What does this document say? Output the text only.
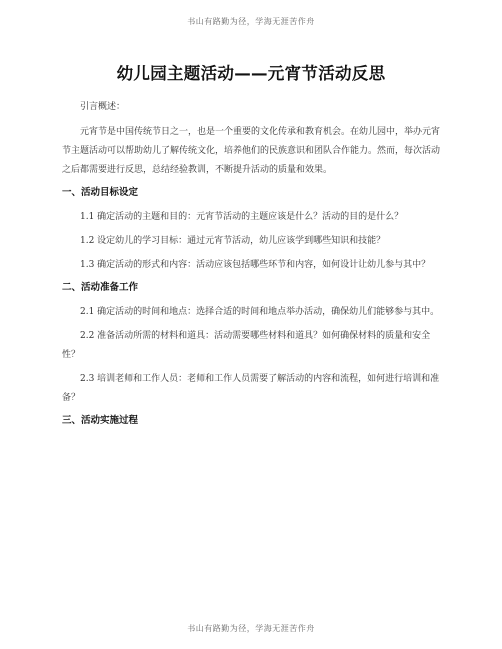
书山有路勤为径，学海无涯苦作舟
幼儿园主题活动——元宵节活动反思

引言概述：

元宵节是中国传统节日之一，也是一个重要的文化传承和教育机会。在幼儿园中，举办元宵节主题活动可以帮助幼儿了解传统文化，培养他们的民族意识和团队合作能力。然而，每次活动之后都需要进行反思，总结经验教训，不断提升活动的质量和效果。

一、活动目标设定

1.1 确定活动的主题和目的：元宵节活动的主题应该是什么？活动的目的是什么？

1.2 设定幼儿的学习目标：通过元宵节活动，幼儿应该学到哪些知识和技能？

1.3 确定活动的形式和内容：活动应该包括哪些环节和内容，如何设计让幼儿参与其中？

二、活动准备工作

2.1 确定活动的时间和地点：选择合适的时间和地点举办活动，确保幼儿们能够参与其中。

2.2 准备活动所需的材料和道具：活动需要哪些材料和道具？如何确保材料的质量和安全性？

2.3 培训老师和工作人员：老师和工作人员需要了解活动的内容和流程，如何进行培训和准备？

三、活动实施过程
书山有路勤为径，学海无涯苦作舟
